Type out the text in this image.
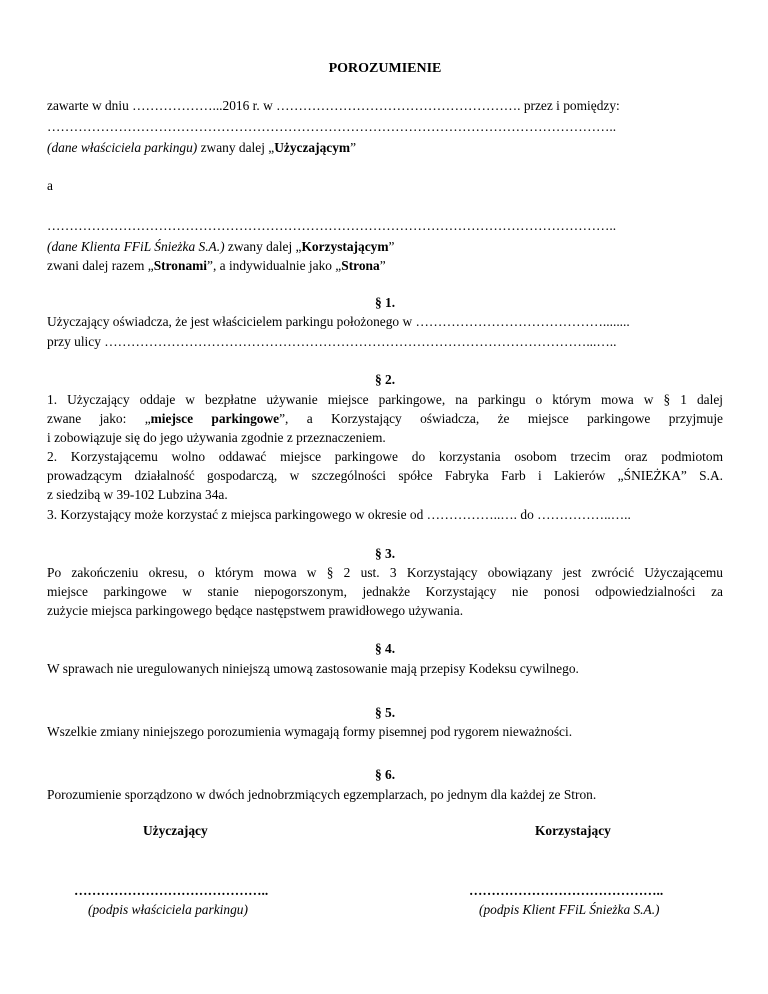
POROZUMIENIE
zawarte w dniu ………………...2016 r. w ………………………………………………. przez i pomiędzy:
………………………………………………………………………………………………………………..
(dane właściciela parkingu) zwany dalej „Użyczającym”
a
………………………………………………………………………………………………………………..
(dane Klienta FFiL Śnieżka S.A.) zwany dalej „Korzystającym”
zwani dalej razem „Stronami”, a indywidualnie jako „Strona”
§ 1.
Użyczający oświadcza, że jest właścicielem parkingu położonego w ……………………………………........
przy ulicy ………………………………………………………………………………………………...…..
§ 2.
1. Użyczający oddaje w bezpłatne używanie miejsce parkingowe, na parkingu o którym mowa w § 1 dalej
zwane jako: „miejsce parkingowe”, a Korzystający oświadcza, że miejsce parkingowe przyjmuje
i zobowiązuje się do jego używania zgodnie z przeznaczeniem.
2. Korzystającemu wolno oddawać miejsce parkingowe do korzystania osobom trzecim oraz podmiotom
prowadzącym działalność gospodarczą, w szczególności spółce Fabryka Farb i Lakierów „ŚNIEŻKA” S.A.
z siedzibą w 39-102 Lubzina 34a.
3. Korzystający może korzystać z miejsca parkingowego w okresie od ……………..…. do ……………..…..
§ 3.
Po zakończeniu okresu, o którym mowa w § 2 ust. 3 Korzystający obowiązany jest zwrócić Użyczającemu
miejsce parkingowe w stanie niepogorszonym, jednakże Korzystający nie ponosi odpowiedzialności za
zużycie miejsca parkingowego będące następstwem prawidłowego używania.
§ 4.
W sprawach nie uregulowanych niniejszą umową zastosowanie mają przepisy Kodeksu cywilnego.
§ 5.
Wszelkie zmiany niniejszego porozumienia wymagają formy pisemnej pod rygorem nieważności.
§ 6.
Porozumienie sporządzono w dwóch jednobrzmiących egzemplarzach, po jednym dla każdej ze Stron.
Użyczający	Korzystający
……………………………………..	……………………………………..
(podpis właściciela parkingu)	(podpis Klient FFiL Śnieżka S.A.)
